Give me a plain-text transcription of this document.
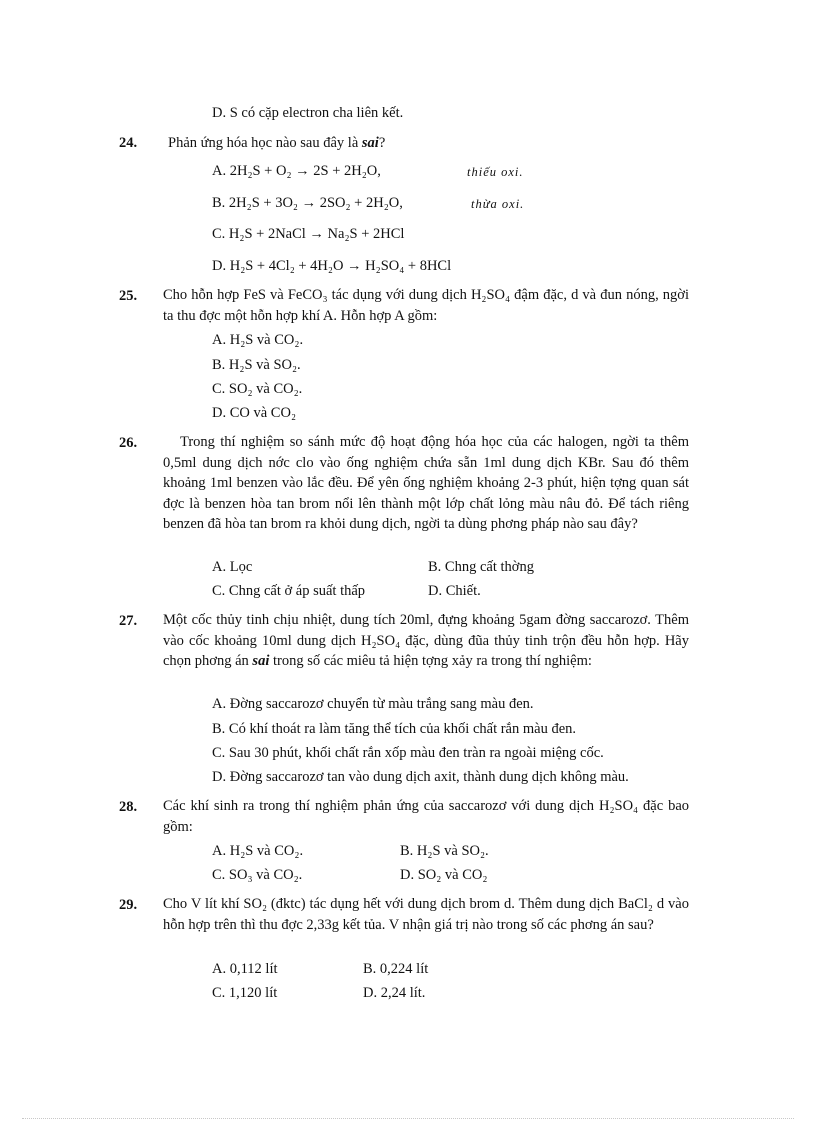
D. S có cặp electron cha liên kết.
24. Phản ứng hóa học nào sau đây là sai?
A. 2H₂S + O₂ → 2S + 2H₂O,	thiếu oxi.
B. 2H₂S + 3O₂ → 2SO₂ + 2H₂O,	thừa oxi.
C. H₂S + 2NaCl → Na₂S + 2HCl
D. H₂S + 4Cl₂ + 4H₂O → H₂SO₄ + 8HCl
25. Cho hỗn hợp FeS và FeCO₃ tác dụng với dung dịch H₂SO₄ đậm đặc, d và đun nóng, ngời ta thu đợc một hỗn hợp khí A. Hỗn hợp A gồm:
A. H₂S và CO₂.
B. H₂S và SO₂.
C. SO₂ và CO₂.
D. CO và CO₂
26.	Trong thí nghiệm so sánh mức độ hoạt động hóa học của các halogen, ngời ta thêm 0,5ml dung dịch nớc clo vào ống nghiệm chứa sẵn 1ml dung dịch KBr. Sau đó thêm khoảng 1ml benzen vào lắc đều. Để yên ống nghiệm khoảng 2-3 phút, hiện tợng quan sát đợc là benzen hòa tan brom nổi lên thành một lớp chất lỏng màu nâu đỏ. Để tách riêng benzen đã hòa tan brom ra khỏi dung dịch, ngời ta dùng phơng pháp nào sau đây?
A. Lọc	B. Chng cất thờng
C. Chng cất ở áp suất thấp	D. Chiết.
27. Một cốc thủy tinh chịu nhiệt, dung tích 20ml, đựng khoảng 5gam đờng saccarozơ. Thêm vào cốc khoảng 10ml dung dịch H₂SO₄ đặc, dùng đũa thủy tinh trộn đều hỗn hợp. Hãy chọn phơng án sai trong số các miêu tả hiện tợng xảy ra trong thí nghiệm:
A. Đờng saccarozơ chuyển từ màu trắng sang màu đen.
B. Có khí thoát ra làm tăng thể tích của khối chất rắn màu đen.
C. Sau 30 phút, khối chất rắn xốp màu đen tràn ra ngoài miệng cốc.
D. Đờng saccarozơ tan vào dung dịch axit, thành dung dịch không màu.
28. Các khí sinh ra trong thí nghiệm phản ứng của saccarozơ với dung dịch H₂SO₄ đặc bao gồm:
A. H₂S và CO₂.	B. H₂S và SO₂.
C. SO₃ và CO₂.	D. SO₂ và CO₂
29. Cho V lít khí SO₂ (đktc) tác dụng hết với dung dịch brom d. Thêm dung dịch BaCl₂ d vào hỗn hợp trên thì thu đợc 2,33g kết tủa. V nhận giá trị nào trong số các phơng án sau?
A. 0,112 lít	B. 0,224 lít
C. 1,120 lít	D. 2,24 lít.
